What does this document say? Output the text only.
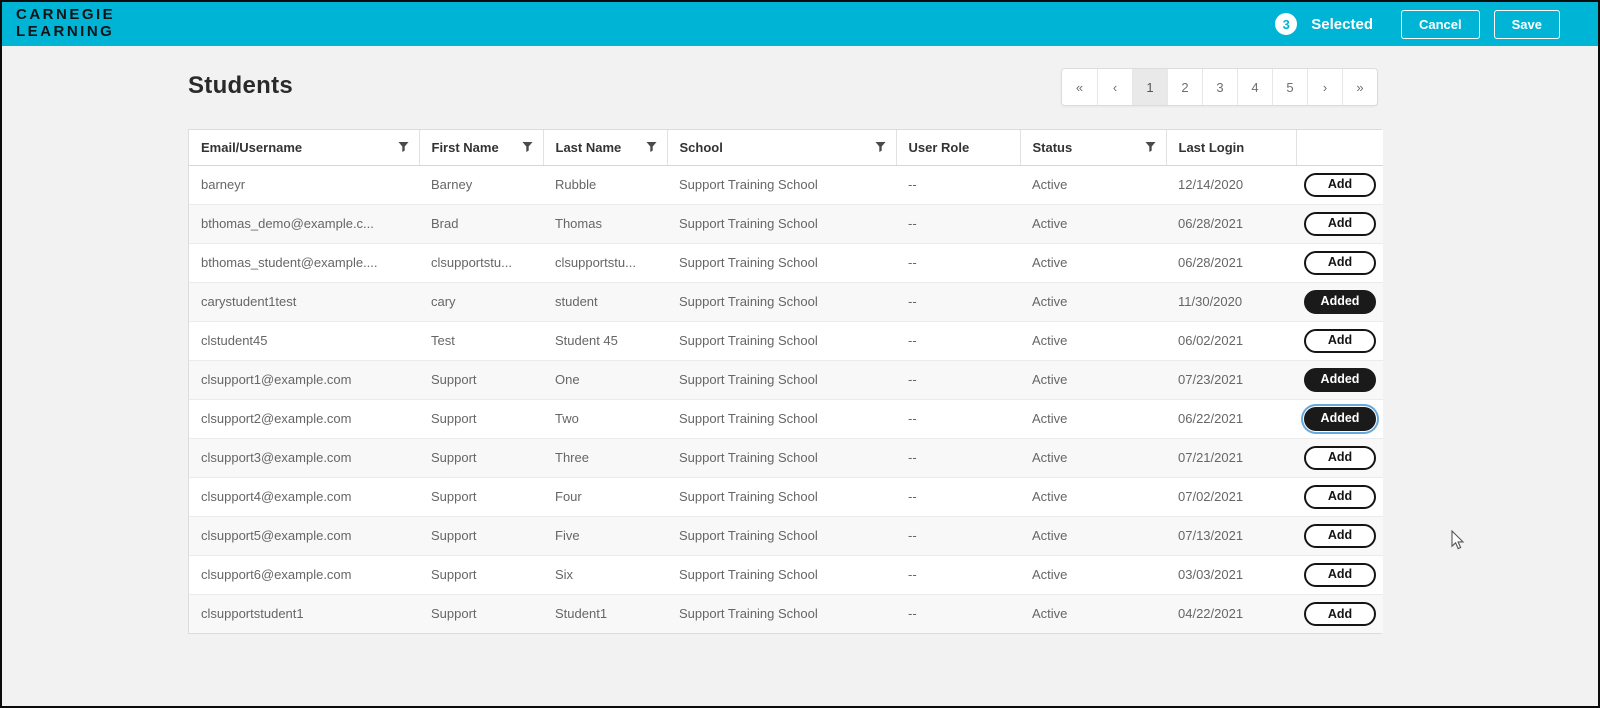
CARNEGIE
LEARNING	3	Selected	Cancel	Save
Students	«	‹	1	2	3	4	5	›	»
Email/Username	First Name	Last Name	School	User Role	Status	Last Login	
barneyr	Barney	Rubble	Support Training School	--	Active	12/14/2020	Add
bthomas_demo@example.c...	Brad	Thomas	Support Training School	--	Active	06/28/2021	Add
bthomas_student@example....	clsupportstu...	clsupportstu...	Support Training School	--	Active	06/28/2021	Add
carystudent1test	cary	student	Support Training School	--	Active	11/30/2020	Added
clstudent45	Test	Student 45	Support Training School	--	Active	06/02/2021	Add
clsupport1@example.com	Support	One	Support Training School	--	Active	07/23/2021	Added
clsupport2@example.com	Support	Two	Support Training School	--	Active	06/22/2021	Added
clsupport3@example.com	Support	Three	Support Training School	--	Active	07/21/2021	Add
clsupport4@example.com	Support	Four	Support Training School	--	Active	07/02/2021	Add
clsupport5@example.com	Support	Five	Support Training School	--	Active	07/13/2021	Add
clsupport6@example.com	Support	Six	Support Training School	--	Active	03/03/2021	Add
clsupportstudent1	Support	Student1	Support Training School	--	Active	04/22/2021	Add
